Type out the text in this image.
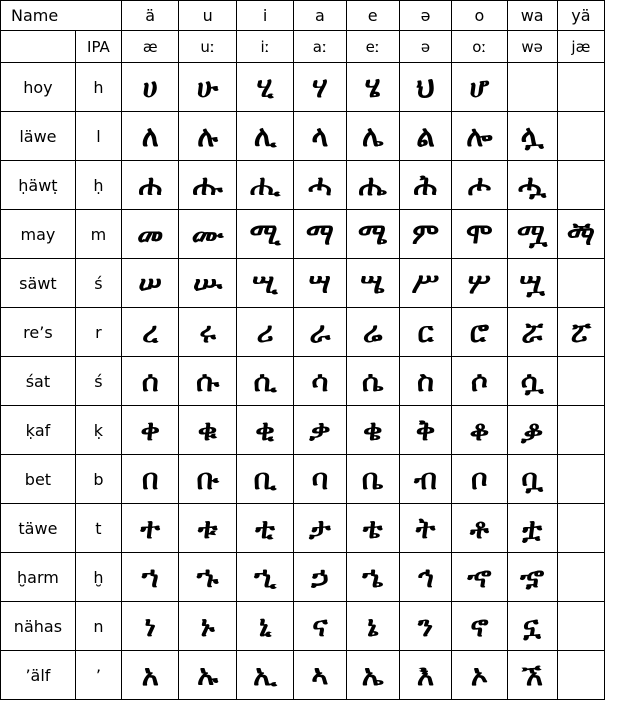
Name		ä	u	i	a	e	ə	o	wa	yä
	IPA	æ	uː	iː	aː	eː	ə	oː	wə	jæ
hoy	h	ሀ	ሁ	ሂ	ሃ	ሄ	ህ	ሆ		
läwe	l	ለ	ሉ	ሊ	ላ	ሌ	ል	ሎ	ሏ	
ḥäwṭ	ḥ	ሐ	ሑ	ሒ	ሓ	ሔ	ሕ	ሖ	ሗ	
may	m	መ	ሙ	ሚ	ማ	ሜ	ም	ሞ	ሟ	ፙ
säwt	ś	ሠ	ሡ	ሢ	ሣ	ሤ	ሥ	ሦ	ሧ	
re’s	r	ረ	ሩ	ሪ	ራ	ሬ	ር	ሮ	ሯ	ፘ
śat	ś	ሰ	ሱ	ሲ	ሳ	ሴ	ስ	ሶ	ሷ	
ḳaf	ḳ	ቀ	ቁ	ቂ	ቃ	ቄ	ቅ	ቆ	ቇ	
bet	b	በ	ቡ	ቢ	ባ	ቤ	ብ	ቦ	ቧ	
täwe	t	ተ	ቱ	ቲ	ታ	ቴ	ት	ቶ	ቷ	
ḫarm	ḫ	ኀ	ኁ	ኂ	ኃ	ኄ	ኅ	ኆ	ኇ	
nähas	n	ነ	ኑ	ኒ	ና	ኔ	ን	ኖ	ኗ	
’älf	’	አ	ኡ	ኢ	ኣ	ኤ	እ	ኦ	ኧ	
